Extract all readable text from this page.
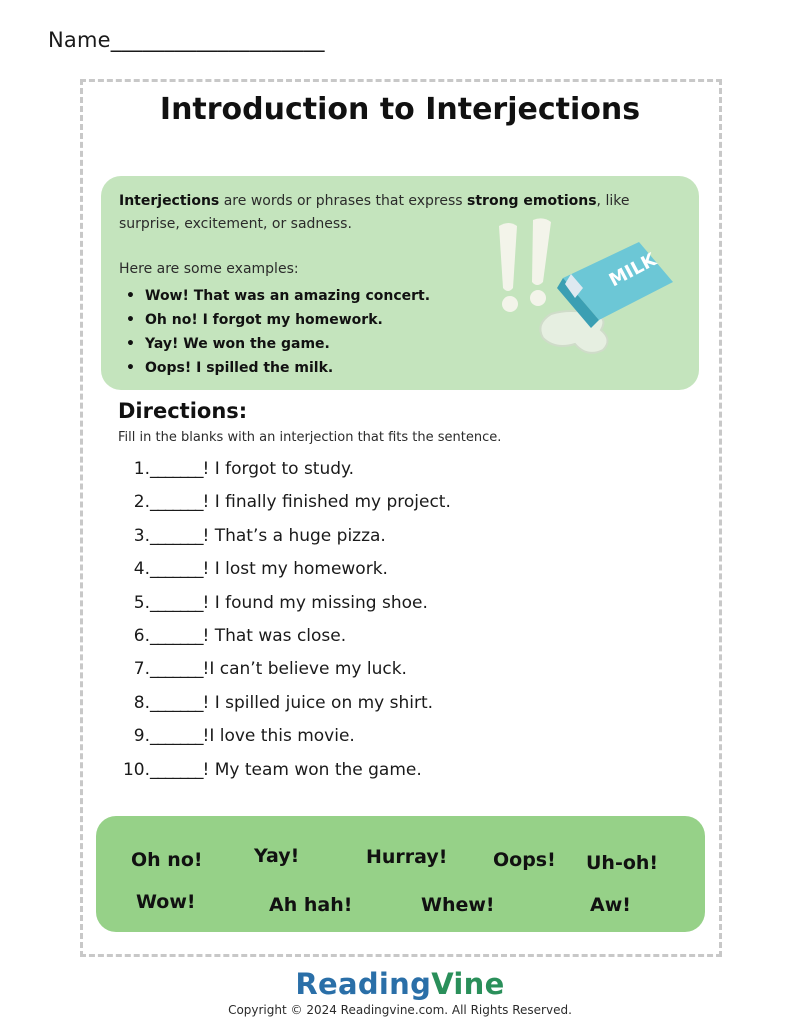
Name____________________
Introduction to Interjections
Interjections are words or phrases that express strong emotions, like surprise, excitement, or sadness.
Here are some examples:
• Wow! That was an amazing concert.
• Oh no! I forgot my homework.
• Yay! We won the game.
• Oops! I spilled the milk.
MILK
Directions:
Fill in the blanks with an interjection that fits the sentence.
1._______! I forgot to study.
2._______! I finally finished my project.
3._______! That’s a huge pizza.
4._______! I lost my homework.
5._______! I found my missing shoe.
6._______! That was close.
7._______!I can’t believe my luck.
8._______! I spilled juice on my shirt.
9._______!I love this movie.
10._______! My team won the game.
Oh no!	Yay!	Hurray! Oops! Uh-oh!
Wow!	Ah hah!	Whew!	Aw!
ReadingVine
Copyright © 2024 Readingvine.com. All Rights Reserved.
